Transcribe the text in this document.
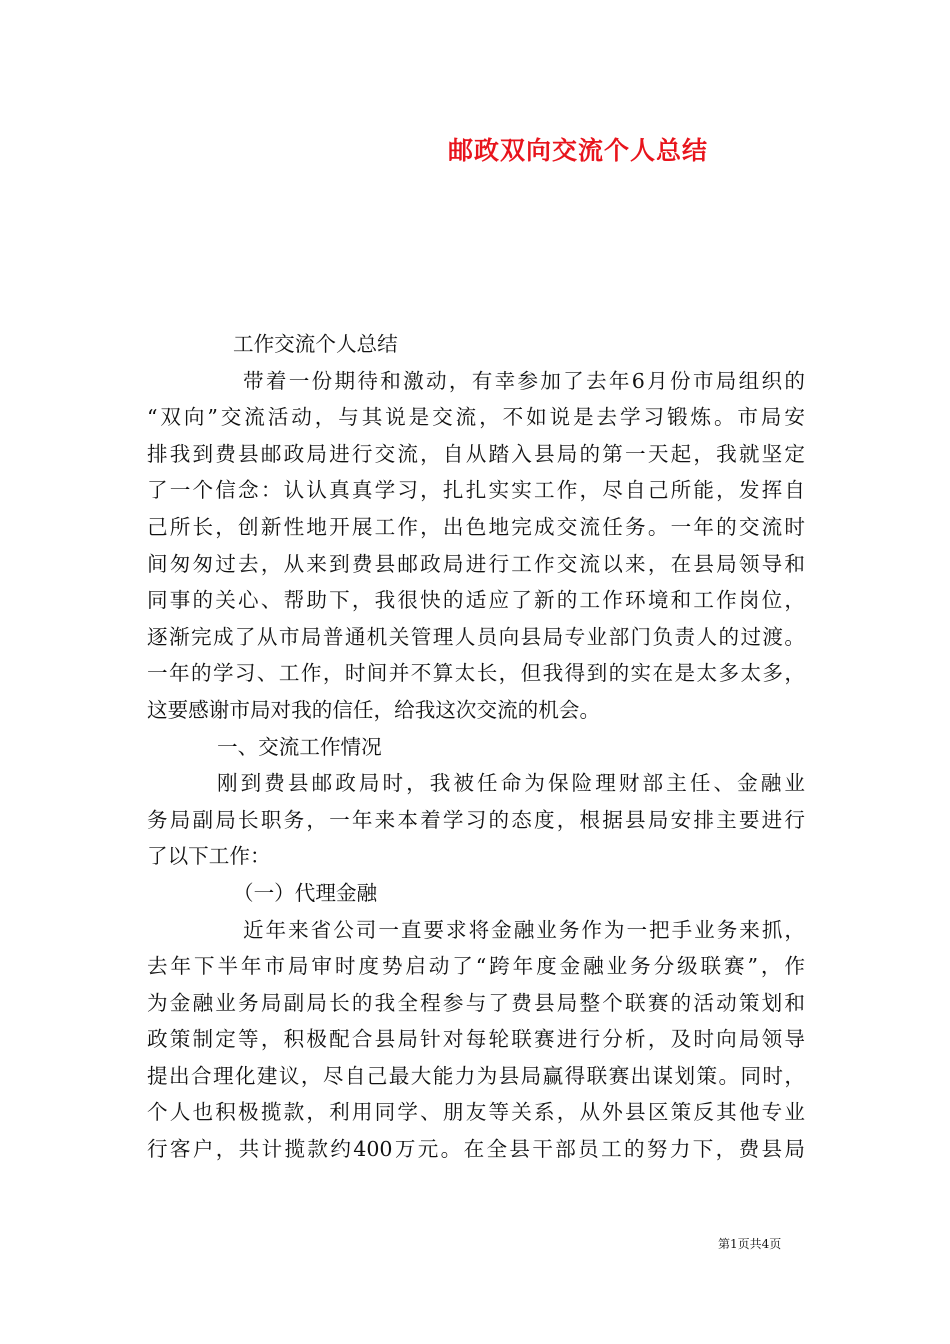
邮政双向交流个人总结
工作交流个人总结
带着一份期待和激动，有幸参加了去年6月份市局组织的
“双向”交流活动，与其说是交流，不如说是去学习锻炼。市局安
排我到费县邮政局进行交流，自从踏入县局的第一天起，我就坚定
了一个信念：认认真真学习，扎扎实实工作，尽自己所能，发挥自
己所长，创新性地开展工作，出色地完成交流任务。一年的交流时
间匆匆过去，从来到费县邮政局进行工作交流以来，在县局领导和
同事的关心、帮助下，我很快的适应了新的工作环境和工作岗位，
逐渐完成了从市局普通机关管理人员向县局专业部门负责人的过渡。
一年的学习、工作，时间并不算太长，但我得到的实在是太多太多，
这要感谢市局对我的信任，给我这次交流的机会。
一、交流工作情况
刚到费县邮政局时，我被任命为保险理财部主任、金融业
务局副局长职务，一年来本着学习的态度，根据县局安排主要进行
了以下工作：
（一）代理金融
近年来省公司一直要求将金融业务作为一把手业务来抓，
去年下半年市局审时度势启动了“跨年度金融业务分级联赛”，作
为金融业务局副局长的我全程参与了费县局整个联赛的活动策划和
政策制定等，积极配合县局针对每轮联赛进行分析，及时向局领导
提出合理化建议，尽自己最大能力为县局赢得联赛出谋划策。同时，
个人也积极揽款，利用同学、朋友等关系，从外县区策反其他专业
行客户，共计揽款约400万元。在全县干部员工的努力下，费县局
第1页共4页
